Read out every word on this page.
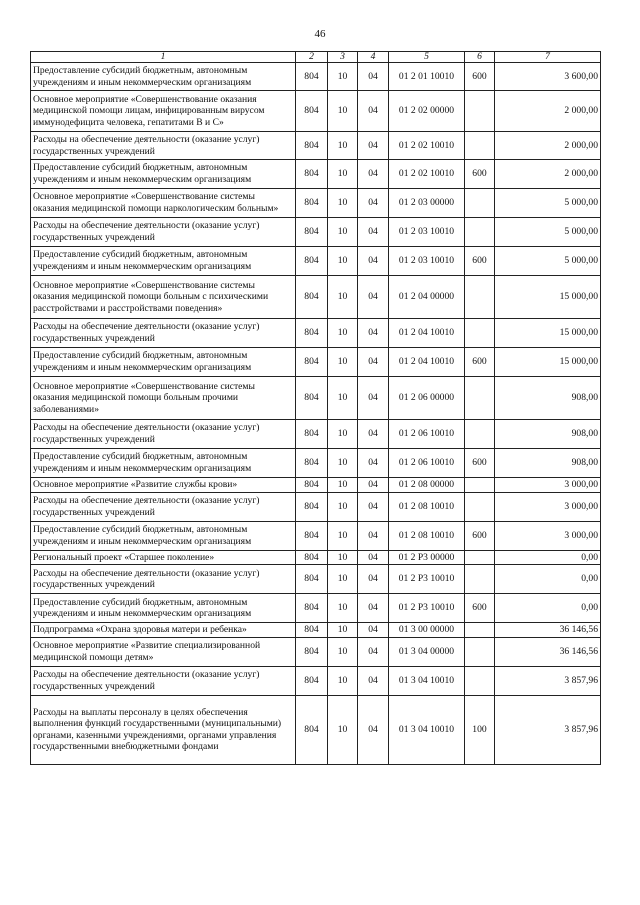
46
1	2	3	4	5	6	7
Предоставление субсидий бюджетным, автономным учреждениям и иным некоммерческим организациям	804	10	04	01 2 01 10010	600	3 600,00
Основное мероприятие «Совершенствование оказания медицинской помощи лицам, инфицированным вирусом иммунодефицита человека, гепатитами В и С»	804	10	04	01 2 02 00000		2 000,00
Расходы на обеспечение деятельности (оказание услуг) государственных учреждений	804	10	04	01 2 02 10010		2 000,00
Предоставление субсидий бюджетным, автономным учреждениям и иным некоммерческим организациям	804	10	04	01 2 02 10010	600	2 000,00
Основное мероприятие «Совершенствование системы оказания медицинской помощи наркологическим больным»	804	10	04	01 2 03 00000		5 000,00
Расходы на обеспечение деятельности (оказание услуг) государственных учреждений	804	10	04	01 2 03 10010		5 000,00
Предоставление субсидий бюджетным, автономным учреждениям и иным некоммерческим организациям	804	10	04	01 2 03 10010	600	5 000,00
Основное мероприятие «Совершенствование системы оказания медицинской помощи больным с психическими расстройствами и расстройствами поведения»	804	10	04	01 2 04 00000		15 000,00
Расходы на обеспечение деятельности (оказание услуг) государственных учреждений	804	10	04	01 2 04 10010		15 000,00
Предоставление субсидий бюджетным, автономным учреждениям и иным некоммерческим организациям	804	10	04	01 2 04 10010	600	15 000,00
Основное мероприятие «Совершенствование системы оказания медицинской помощи больным прочими заболеваниями»	804	10	04	01 2 06 00000		908,00
Расходы на обеспечение деятельности (оказание услуг) государственных учреждений	804	10	04	01 2 06 10010		908,00
Предоставление субсидий бюджетным, автономным учреждениям и иным некоммерческим организациям	804	10	04	01 2 06 10010	600	908,00
Основное мероприятие «Развитие службы крови»	804	10	04	01 2 08 00000		3 000,00
Расходы на обеспечение деятельности (оказание услуг) государственных учреждений	804	10	04	01 2 08 10010		3 000,00
Предоставление субсидий бюджетным, автономным учреждениям и иным некоммерческим организациям	804	10	04	01 2 08 10010	600	3 000,00
Региональный проект «Старшее поколение»	804	10	04	01 2 P3 00000		0,00
Расходы на обеспечение деятельности (оказание услуг) государственных учреждений	804	10	04	01 2 P3 10010		0,00
Предоставление субсидий бюджетным, автономным учреждениям и иным некоммерческим организациям	804	10	04	01 2 P3 10010	600	0,00
Подпрограмма «Охрана здоровья матери и ребенка»	804	10	04	01 3 00 00000		36 146,56
Основное мероприятие «Развитие специализированной медицинской помощи детям»	804	10	04	01 3 04 00000		36 146,56
Расходы на обеспечение деятельности (оказание услуг) государственных учреждений	804	10	04	01 3 04 10010		3 857,96
Расходы на выплаты персоналу в целях обеспечения выполнения функций государственными (муниципальными) органами, казенными учреждениями, органами управления государственными внебюджетными фондами	804	10	04	01 3 04 10010	100	3 857,96
